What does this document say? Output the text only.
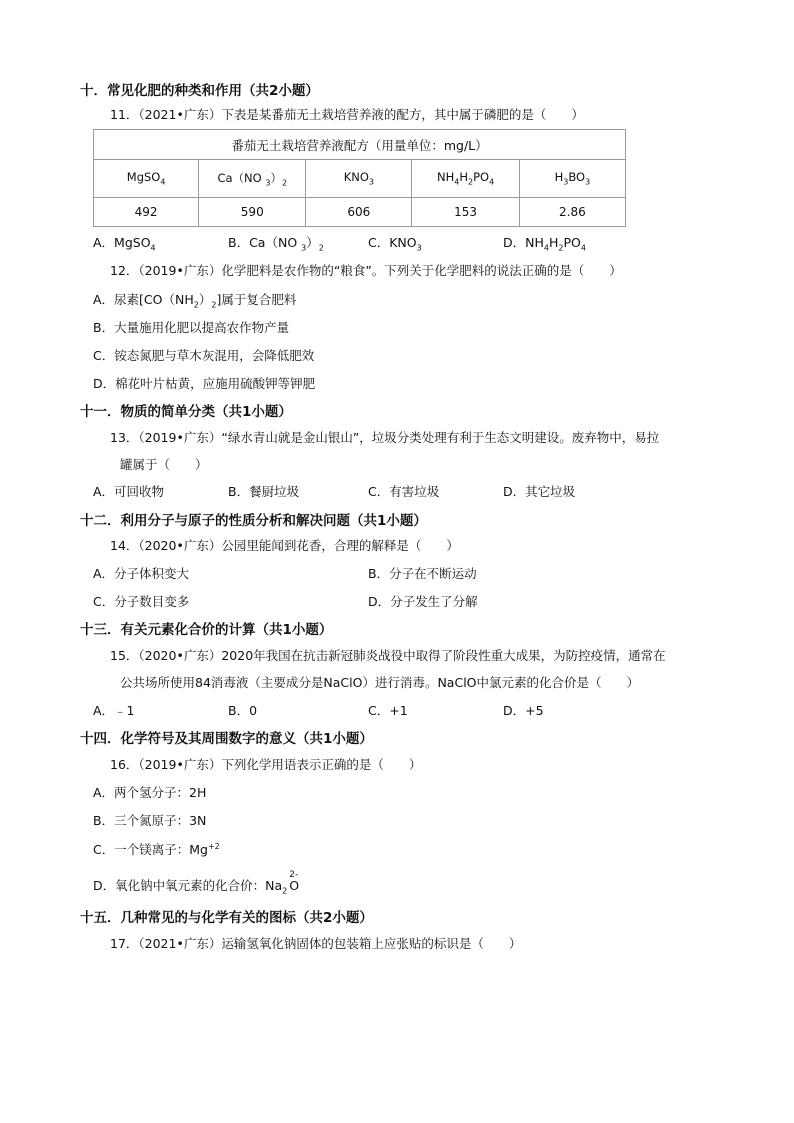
十．常见化肥的种类和作用（共2小题）
11．（2021•广东）下表是某番茄无土栽培营养液的配方，其中属于磷肥的是（　　）
番茄无土栽培营养液配方（用量单位：mg/L）				
MgSO$_4$	Ca（NO $_3)_2$	$KNO_3$	$NH_4H_2PO_4$	$H_3BO_3$
492	590	606	153	2.86
A．MgSO$_4$	B．Ca（NO $_3)_2$	C．$KNO_3$	D．$NH_4H_2PO_4$
12．（2019•广东）化学肥料是农作物的“粮食”。下列关于化学肥料的说法正确的是（　　）
A．尿素$[CO(NH_2)_2]$属于复合肥料
B．大量施用化肥以提高农作物产量
C．铵态氮肥与草木灰混用，会降低肥效
D．棉花叶片枯黄，应施用硫酸钾等钾肥
十一．物质的简单分类（共1小题）
13．（2019•广东）“绿水青山就是金山银山”，垃圾分类处理有利于生态文明建设。废弃物中，易拉
罐属于（　　）
A．可回收物	B．餐厨垃圾	C．有害垃圾	D．其它垃圾
十二．利用分子与原子的性质分析和解决问题（共1小题）
14．（2020•广东）公园里能闻到花香，合理的解释是（　　）
A．分子体积变大	B．分子在不断运动
C．分子数目变多	D．分子发生了分解
十三．有关元素化合价的计算（共1小题）
15．（2020•广东）2020年我国在抗击新冠肺炎战役中取得了阶段性重大成果，为防控疫情，通常在
公共场所使用84消毒液（主要成分是NaClO）进行消毒。NaClO中氯元素的化合价是（　　）
A．﹣1	B．0	C．+1	D．+5
十四．化学符号及其周围数字的意义（共1小题）
16．（2019•广东）下列化学用语表示正确的是（　　）
A．两个氢分子：2H
B．三个氮原子：3N
C．一个镁离子：$Mg^{+2}$
D．氧化钠中氧元素的化合价：$Na_2$
2-
O
十五．几种常见的与化学有关的图标（共2小题）
17．（2021•广东）运输氢氧化钠固体的包装箱上应张贴的标识是（　　）
